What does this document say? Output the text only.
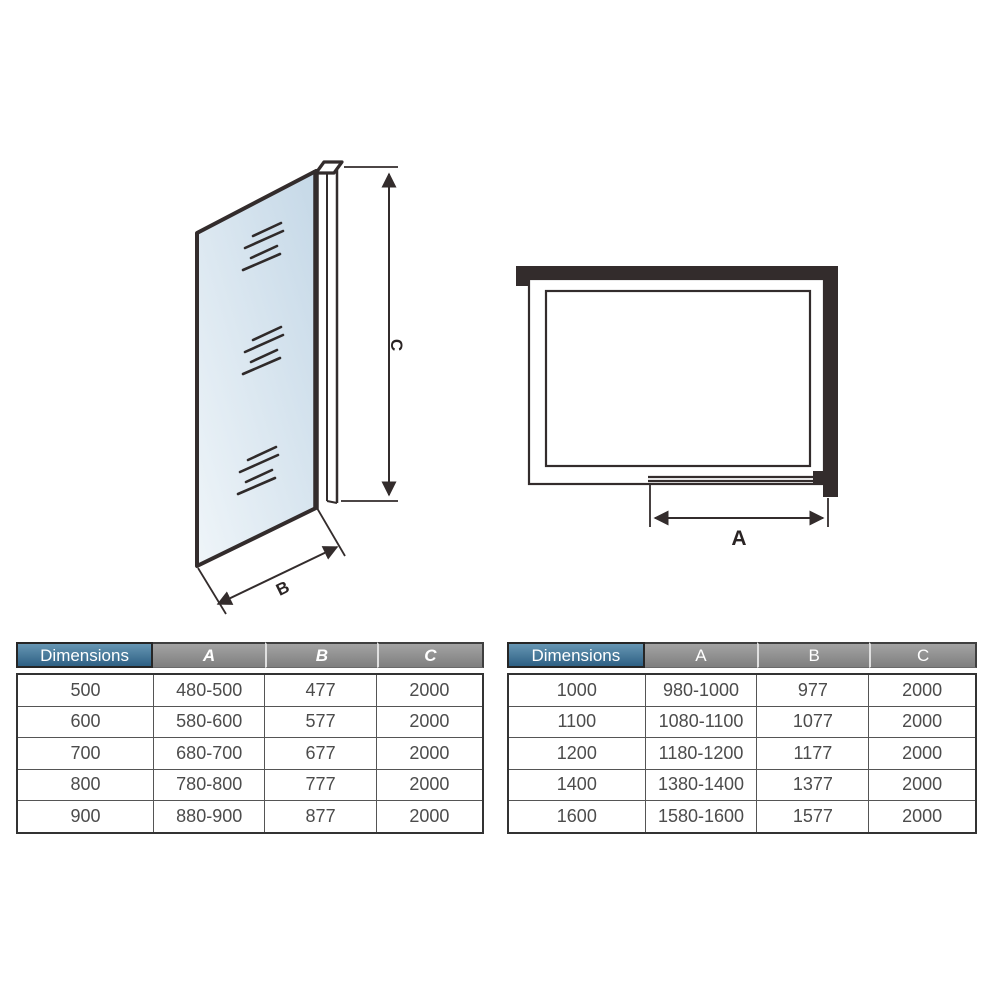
C
B
A
Dimensions	A	B	C
500	480-500	477	2000
600	580-600	577	2000
700	680-700	677	2000
800	780-800	777	2000
900	880-900	877	2000
Dimensions	A	B	C
1000	980-1000	977	2000
1100	1080-1100	1077	2000
1200	1180-1200	1177	2000
1400	1380-1400	1377	2000
1600	1580-1600	1577	2000
